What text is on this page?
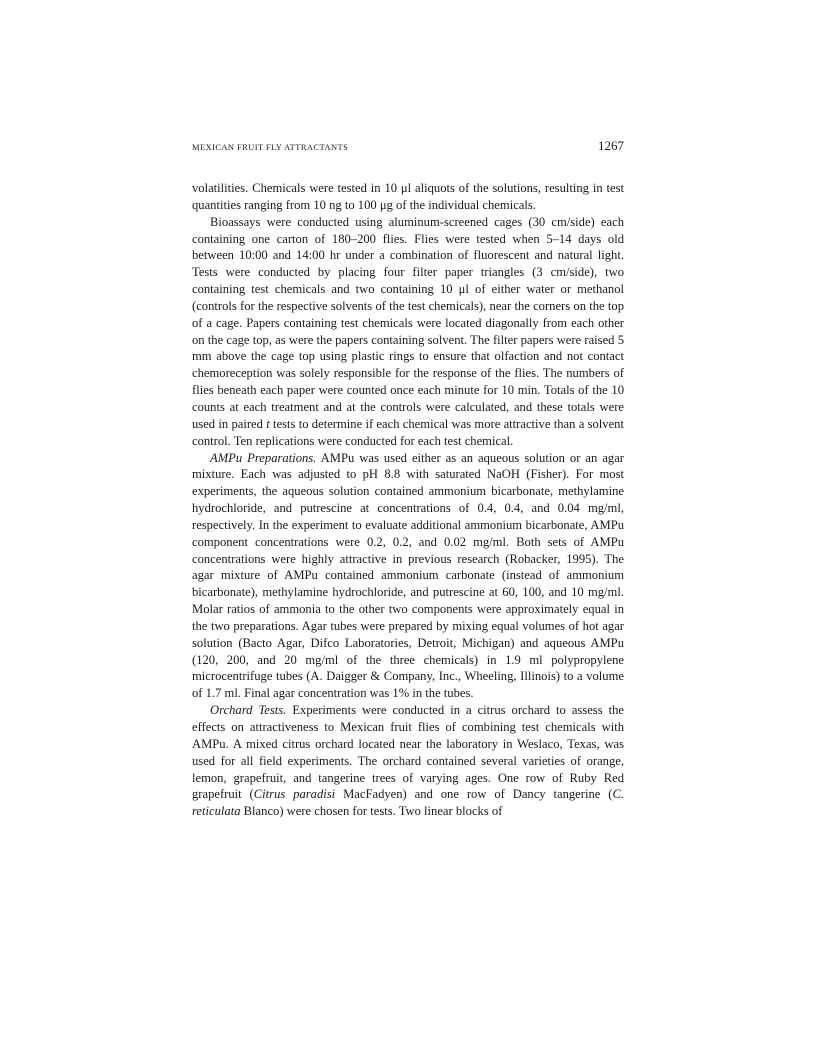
MEXICAN FRUIT FLY ATTRACTANTS	1267

volatilities. Chemicals were tested in 10 μl aliquots of the solutions, resulting in test quantities ranging from 10 ng to 100 μg of the individual chemicals.

Bioassays were conducted using aluminum-screened cages (30 cm/side) each containing one carton of 180–200 flies. Flies were tested when 5–14 days old between 10:00 and 14:00 hr under a combination of fluorescent and natural light. Tests were conducted by placing four filter paper triangles (3 cm/side), two containing test chemicals and two containing 10 μl of either water or methanol (controls for the respective solvents of the test chemicals), near the corners on the top of a cage. Papers containing test chemicals were located diagonally from each other on the cage top, as were the papers containing solvent. The filter papers were raised 5 mm above the cage top using plastic rings to ensure that olfaction and not contact chemoreception was solely responsible for the response of the flies. The numbers of flies beneath each paper were counted once each minute for 10 min. Totals of the 10 counts at each treatment and at the controls were calculated, and these totals were used in paired t tests to determine if each chemical was more attractive than a solvent control. Ten replications were conducted for each test chemical.

AMPu Preparations. AMPu was used either as an aqueous solution or an agar mixture. Each was adjusted to pH 8.8 with saturated NaOH (Fisher). For most experiments, the aqueous solution contained ammonium bicarbonate, methylamine hydrochloride, and putrescine at concentrations of 0.4, 0.4, and 0.04 mg/ml, respectively. In the experiment to evaluate additional ammonium bicarbonate, AMPu component concentrations were 0.2, 0.2, and 0.02 mg/ml. Both sets of AMPu concentrations were highly attractive in previous research (Robacker, 1995). The agar mixture of AMPu contained ammonium carbonate (instead of ammonium bicarbonate), methylamine hydrochloride, and putrescine at 60, 100, and 10 mg/ml. Molar ratios of ammonia to the other two components were approximately equal in the two preparations. Agar tubes were prepared by mixing equal volumes of hot agar solution (Bacto Agar, Difco Laboratories, Detroit, Michigan) and aqueous AMPu (120, 200, and 20 mg/ml of the three chemicals) in 1.9 ml polypropylene microcentrifuge tubes (A. Daigger & Company, Inc., Wheeling, Illinois) to a volume of 1.7 ml. Final agar concentration was 1% in the tubes.

Orchard Tests. Experiments were conducted in a citrus orchard to assess the effects on attractiveness to Mexican fruit flies of combining test chemicals with AMPu. A mixed citrus orchard located near the laboratory in Weslaco, Texas, was used for all field experiments. The orchard contained several varieties of orange, lemon, grapefruit, and tangerine trees of varying ages. One row of Ruby Red grapefruit (Citrus paradisi MacFadyen) and one row of Dancy tangerine (C. reticulata Blanco) were chosen for tests. Two linear blocks of
